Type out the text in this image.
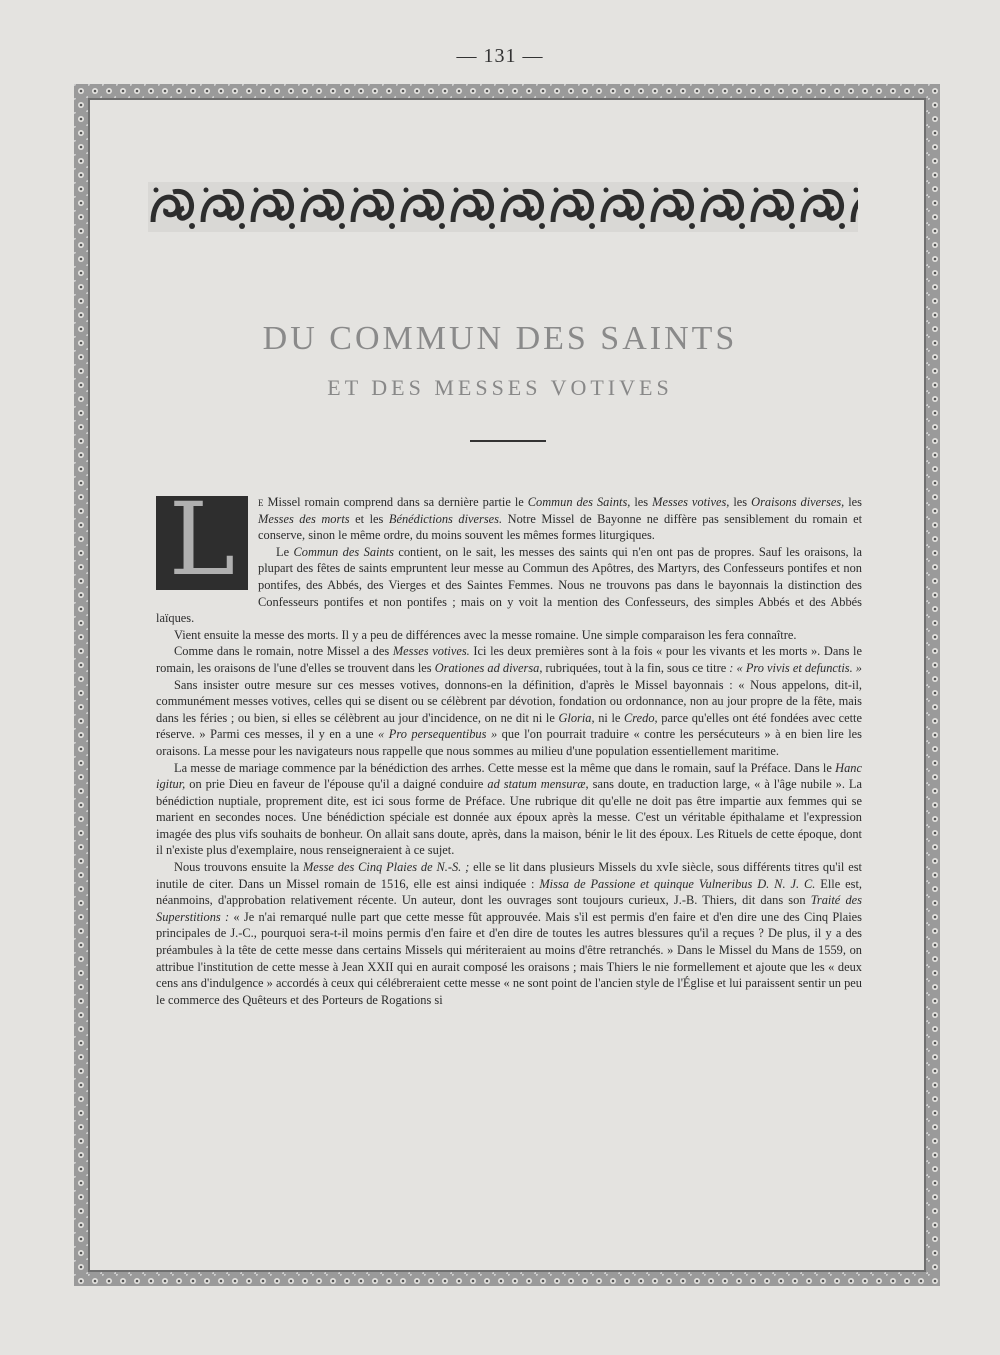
— 131 —
DU COMMUN DES SAINTS
ET DES MESSES VOTIVES
L	e Missel romain comprend dans sa dernière partie le Commun des Saints, les Messes votives, les Oraisons diverses, les Messes des morts et les Bénédictions diverses. Notre Missel de Bayonne ne diffère pas sensiblement du romain et conserve, sinon le même ordre, du moins souvent les mêmes formes liturgiques.

Le Commun des Saints contient, on le sait, les messes des saints qui n'en ont pas de propres. Sauf les oraisons, la plupart des fêtes de saints empruntent leur messe au Commun des Apôtres, des Martyrs, des Confesseurs pontifes et non pontifes, des Abbés, des Vierges et des Saintes Femmes. Nous ne trouvons pas dans le bayonnais la distinction des Confesseurs pontifes et non pontifes ; mais on y voit la mention des Confesseurs, des simples Abbés et des Abbés laïques.

Vient ensuite la messe des morts. Il y a peu de différences avec la messe romaine. Une simple comparaison les fera connaître.

Comme dans le romain, notre Missel a des Messes votives. Ici les deux premières sont à la fois « pour les vivants et les morts ». Dans le romain, les oraisons de l'une d'elles se trouvent dans les Orationes ad diversa, rubriquées, tout à la fin, sous ce titre : « Pro vivis et defunctis. »

Sans insister outre mesure sur ces messes votives, donnons-en la définition, d'après le Missel bayonnais : « Nous appelons, dit-il, communément messes votives, celles qui se disent ou se célèbrent par dévotion, fondation ou ordonnance, non au jour propre de la fête, mais dans les féries ; ou bien, si elles se célèbrent au jour d'incidence, on ne dit ni le Gloria, ni le Credo, parce qu'elles ont été fondées avec cette réserve. » Parmi ces messes, il y en a une « Pro persequentibus » que l'on pourrait traduire « contre les persécuteurs » à en bien lire les oraisons. La messe pour les navigateurs nous rappelle que nous sommes au milieu d'une population essentiellement maritime.

La messe de mariage commence par la bénédiction des arrhes. Cette messe est la même que dans le romain, sauf la Préface. Dans le Hanc igitur, on prie Dieu en faveur de l'épouse qu'il a daigné conduire ad statum mensuræ, sans doute, en traduction large, « à l'âge nubile ». La bénédiction nuptiale, proprement dite, est ici sous forme de Préface. Une rubrique dit qu'elle ne doit pas être impartie aux femmes qui se marient en secondes noces. Une bénédiction spéciale est donnée aux époux après la messe. C'est un véritable épithalame et l'expression imagée des plus vifs souhaits de bonheur. On allait sans doute, après, dans la maison, bénir le lit des époux. Les Rituels de cette époque, dont il n'existe plus d'exemplaire, nous renseigneraient à ce sujet.

Nous trouvons ensuite la Messe des Cinq Plaies de N.-S. ; elle se lit dans plusieurs Missels du xvIe siècle, sous différents titres qu'il est inutile de citer. Dans un Missel romain de 1516, elle est ainsi indiquée : Missa de Passione et quinque Vulneribus D. N. J. C. Elle est, néanmoins, d'approbation relativement récente. Un auteur, dont les ouvrages sont toujours curieux, J.-B. Thiers, dit dans son Traité des Superstitions : « Je n'ai remarqué nulle part que cette messe fût approuvée. Mais s'il est permis d'en faire et d'en dire une des Cinq Plaies principales de J.-C., pourquoi sera-t-il moins permis d'en faire et d'en dire de toutes les autres blessures qu'il a reçues ? De plus, il y a des préambules à la tête de cette messe dans certains Missels qui mériteraient au moins d'être retranchés. » Dans le Missel du Mans de 1559, on attribue l'institution de cette messe à Jean XXII qui en aurait composé les oraisons ; mais Thiers le nie formellement et ajoute que les « deux cens ans d'indulgence » accordés à ceux qui célébreraient cette messe « ne sont point de l'ancien style de l'Église et lui paraissent sentir un peu le commerce des Quêteurs et des Porteurs de Rogations si
